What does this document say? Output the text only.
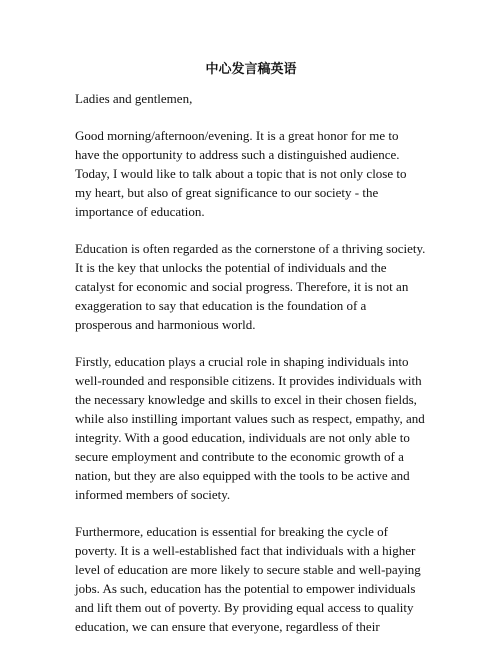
中心发言稿英语

Ladies and gentlemen,

Good morning/afternoon/evening. It is a great honor for me to
have the opportunity to address such a distinguished audience.
Today, I would like to talk about a topic that is not only close to
my heart, but also of great significance to our society - the
importance of education.

Education is often regarded as the cornerstone of a thriving society.
It is the key that unlocks the potential of individuals and the
catalyst for economic and social progress. Therefore, it is not an
exaggeration to say that education is the foundation of a
prosperous and harmonious world.

Firstly, education plays a crucial role in shaping individuals into
well-rounded and responsible citizens. It provides individuals with
the necessary knowledge and skills to excel in their chosen fields,
while also instilling important values such as respect, empathy, and
integrity. With a good education, individuals are not only able to
secure employment and contribute to the economic growth of a
nation, but they are also equipped with the tools to be active and
informed members of society.

Furthermore, education is essential for breaking the cycle of
poverty. It is a well-established fact that individuals with a higher
level of education are more likely to secure stable and well-paying
jobs. As such, education has the potential to empower individuals
and lift them out of poverty. By providing equal access to quality
education, we can ensure that everyone, regardless of their
